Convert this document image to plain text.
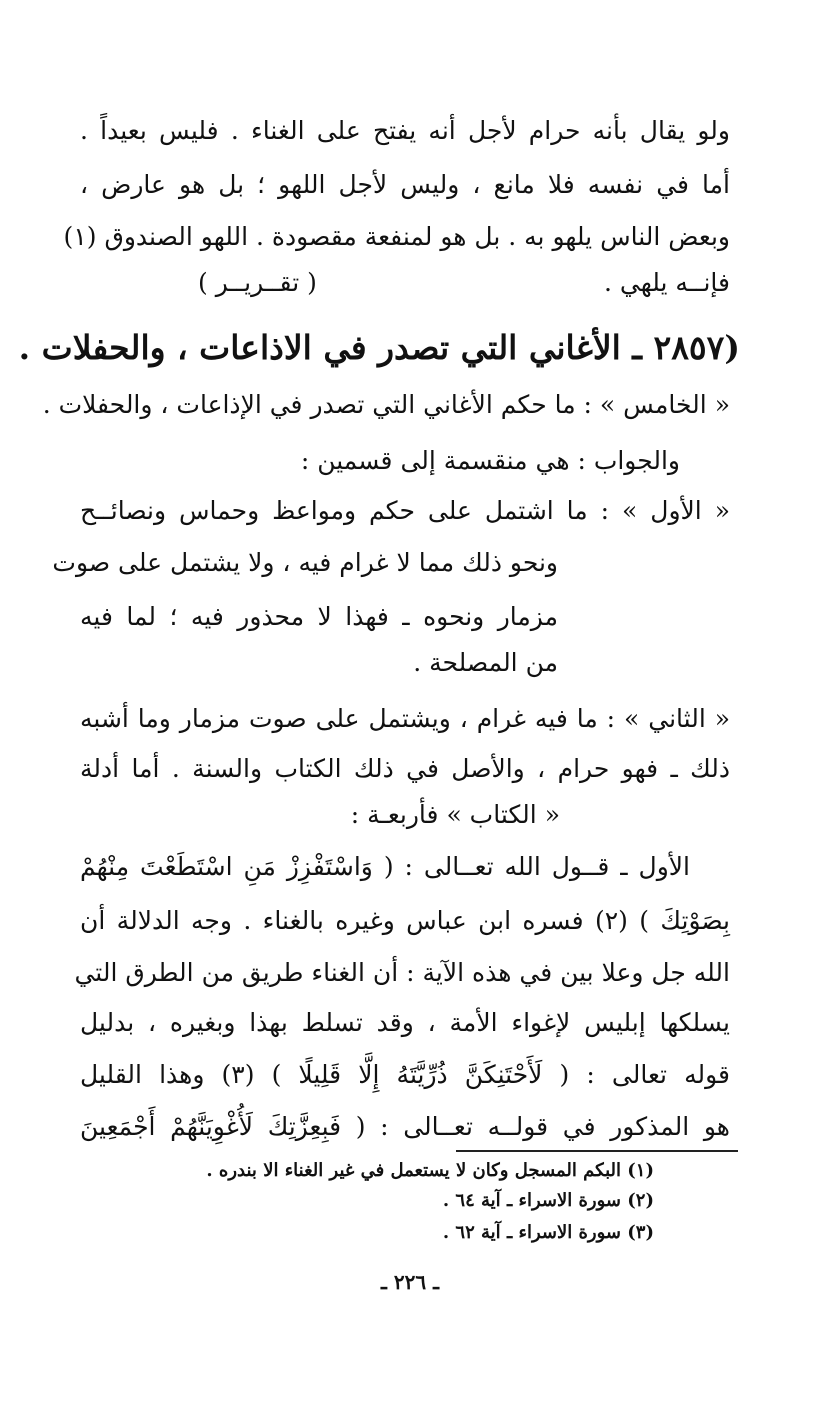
ولو يقال بأنه حرام لأجل أنه يفتح على الغناء . فليس بعيداً .
أما في نفسه فلا مانع ، وليس لأجل اللهو ؛ بل هو عارض ،
وبعض الناس يلهو به . بل هو لمنفعة مقصودة . اللهو الصندوق (١)
فإنــه يلهي .
( تقــريــر )
(٢٨٥٧ ـ الأغاني التي تصدر في الاذاعات ، والحفلات .
« الخامس » : ما حكم الأغاني التي تصدر في الإذاعات ، والحفلات .
والجواب : هي منقسمة إلى قسمين :
« الأول » : ما اشتمل على حكم ومواعظ وحماس ونصائــح
ونحو ذلك مما لا غرام فيه ، ولا يشتمل على صوت
مزمار ونحوه ـ فهذا لا محذور فيه ؛ لما فيه
من المصلحة .
« الثاني » : ما فيه غرام ، ويشتمل على صوت مزمار وما أشبه
ذلك ـ فهو حرام ، والأصل في ذلك الكتاب والسنة . أما أدلة
« الكتاب » فأربعـة :
الأول ـ قــول الله تعــالى : ( وَاسْتَفْزِزْ مَنِ اسْتَطَعْتَ مِنْهُمْ
بِصَوْتِكَ ) (٢) فسره ابن عباس وغيره بالغناء . وجه الدلالة أن
الله جل وعلا بين في هذه الآية : أن الغناء طريق من الطرق التي
يسلكها إبليس لإغواء الأمة ، وقد تسلط بهذا وبغيره ، بدليل
قوله تعالى : ( لَأَحْتَنِكَنَّ ذُرِّيَّتَهُ إِلَّا قَلِيلًا ) (٣) وهذا القليل
هو المذكور في قولــه تعــالى : ( فَبِعِزَّتِكَ لَأُغْوِيَنَّهُمْ أَجْمَعِينَ
(١) البكم المسجل وكان لا يستعمل في غير الغناء الا بندره .
(٢) سورة الاسراء ـ آية ٦٤ .
(٣) سورة الاسراء ـ آية ٦٢ .
ـ ٢٢٦ ـ
